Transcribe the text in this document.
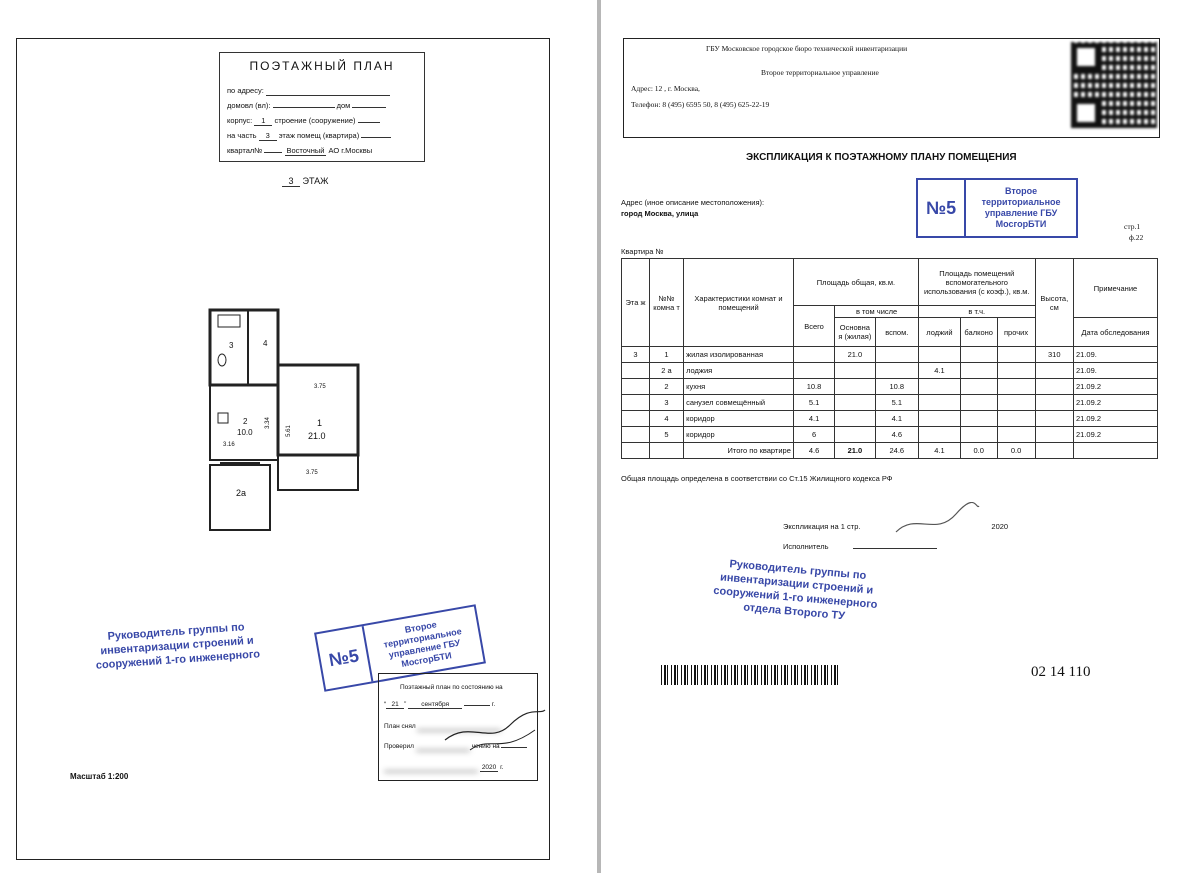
ПОЭТАЖНЫЙ ПЛАН
по адресу:
домовл (вл):	дом
корпус: 1 строение (сооружение)
на часть 3 этаж помещ (квартира)
квартал№	Восточный АО г.Москвы
3 ЭТАЖ
3	4
3.75
2
10.0
3.34
5.61
1
21.0
3.16
2а
3.75
Руководитель группы по инвентаризации строений и сооружений 1-го инженерного	№5
Второе территориальное управление ГБУ МосгорБТИ
Поэтажный план по состоянию на
“ 21 ” сентября	г.
План снял
Проверил	чению на
2020 г.
Масштаб 1:200
ГБУ Московское городское бюро технической инвентаризации
Второе территориальное управление
Адрес: 12 , г. Москва,
Телефон: 8 (495) 6595 50, 8 (495) 625-22-19
ЭКСПЛИКАЦИЯ К ПОЭТАЖНОМУ ПЛАНУ ПОМЕЩЕНИЯ
Адрес (иное описание местоположения):
город Москва, улица	№5
Второе территориальное управление ГБУ МосгорБТИ	стр.1
ф.22
Квартира №
Эта ж	№№ комна т	Характеристики комнат и помещений	Площадь общая, кв.м.			Площадь помещений вспомогательного использования (с коэф.), кв.м.			Высота, см	Примечание
			Всего	в том числе		в т.ч.				
				Основна я (жилая)	вспом.	лоджий	балконо	прочих		Дата обследования
3	1	жилая изолированная		21.0					310	21.09.
	2 а	лоджия				4.1				21.09.
	2	кухня	10.8		10.8					21.09.2
	3	санузел совмещённый	5.1		5.1					21.09.2
	4	коридор	4.1		4.1					21.09.2
	5	коридор	6		4.6					21.09.2
		Итого по квартире	4.6	21.0	24.6	4.1	0.0	0.0		
Общая площадь определена в соответствии со Ст.15 Жилищного кодекса РФ
Экспликация на 1 стр.	2020
Исполнитель
Руководитель группы по инвентаризации строений и сооружений 1-го инженерного отдела Второго ТУ
02 14 110
